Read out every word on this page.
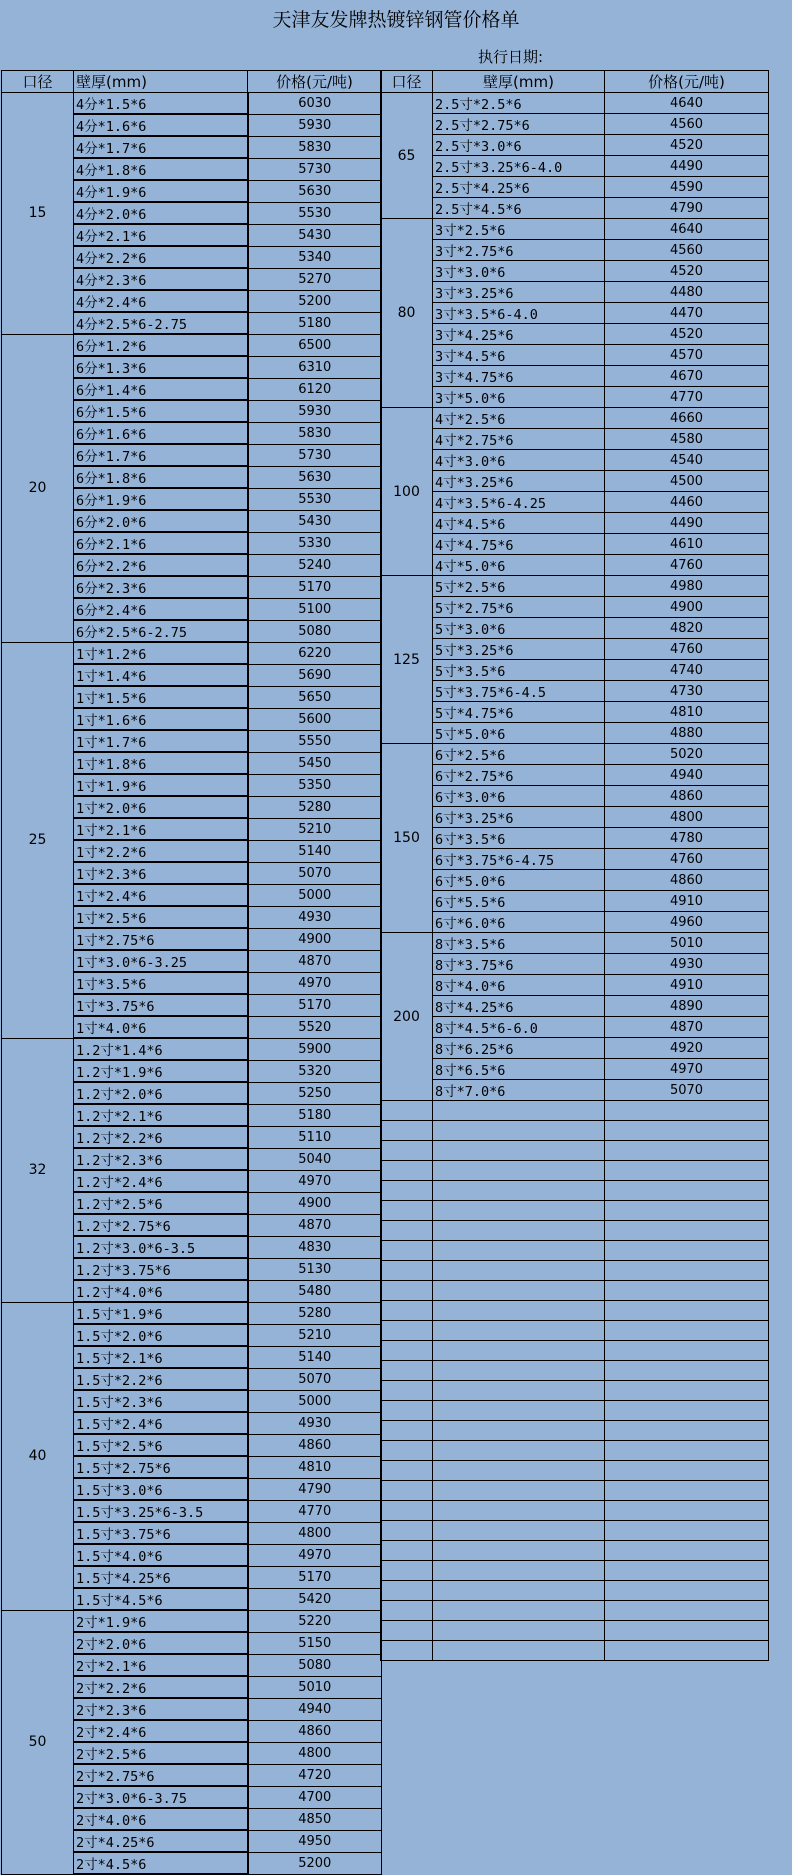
天津友发牌热镀锌钢管价格单
执行日期:
口径	壁厚(mm)	价格(元/吨)
15	4分*1.5*6	6030
	4分*1.6*6	5930
	4分*1.7*6	5830
	4分*1.8*6	5730
	4分*1.9*6	5630
	4分*2.0*6	5530
	4分*2.1*6	5430
	4分*2.2*6	5340
	4分*2.3*6	5270
	4分*2.4*6	5200
	4分*2.5*6-2.75	5180
20	6分*1.2*6	6500
	6分*1.3*6	6310
	6分*1.4*6	6120
	6分*1.5*6	5930
	6分*1.6*6	5830
	6分*1.7*6	5730
	6分*1.8*6	5630
	6分*1.9*6	5530
	6分*2.0*6	5430
	6分*2.1*6	5330
	6分*2.2*6	5240
	6分*2.3*6	5170
	6分*2.4*6	5100
	6分*2.5*6-2.75	5080
25	1寸*1.2*6	6220
	1寸*1.4*6	5690
	1寸*1.5*6	5650
	1寸*1.6*6	5600
	1寸*1.7*6	5550
	1寸*1.8*6	5450
	1寸*1.9*6	5350
	1寸*2.0*6	5280
	1寸*2.1*6	5210
	1寸*2.2*6	5140
	1寸*2.3*6	5070
	1寸*2.4*6	5000
	1寸*2.5*6	4930
	1寸*2.75*6	4900
	1寸*3.0*6-3.25	4870
	1寸*3.5*6	4970
	1寸*3.75*6	5170
	1寸*4.0*6	5520
32	1.2寸*1.4*6	5900
	1.2寸*1.9*6	5320
	1.2寸*2.0*6	5250
	1.2寸*2.1*6	5180
	1.2寸*2.2*6	5110
	1.2寸*2.3*6	5040
	1.2寸*2.4*6	4970
	1.2寸*2.5*6	4900
	1.2寸*2.75*6	4870
	1.2寸*3.0*6-3.5	4830
	1.2寸*3.75*6	5130
	1.2寸*4.0*6	5480
40	1.5寸*1.9*6	5280
	1.5寸*2.0*6	5210
	1.5寸*2.1*6	5140
	1.5寸*2.2*6	5070
	1.5寸*2.3*6	5000
	1.5寸*2.4*6	4930
	1.5寸*2.5*6	4860
	1.5寸*2.75*6	4810
	1.5寸*3.0*6	4790
	1.5寸*3.25*6-3.5	4770
	1.5寸*3.75*6	4800
	1.5寸*4.0*6	4970
	1.5寸*4.25*6	5170
	1.5寸*4.5*6	5420
50	2寸*1.9*6	5220
	2寸*2.0*6	5150
	2寸*2.1*6	5080
	2寸*2.2*6	5010
	2寸*2.3*6	4940
	2寸*2.4*6	4860
	2寸*2.5*6	4800
	2寸*2.75*6	4720
	2寸*3.0*6-3.75	4700
	2寸*4.0*6	4850
	2寸*4.25*6	4950
	2寸*4.5*6	5200
口径	壁厚(mm)	价格(元/吨)
65	2.5寸*2.5*6	4640
	2.5寸*2.75*6	4560
	2.5寸*3.0*6	4520
	2.5寸*3.25*6-4.0	4490
	2.5寸*4.25*6	4590
	2.5寸*4.5*6	4790
80	3寸*2.5*6	4640
	3寸*2.75*6	4560
	3寸*3.0*6	4520
	3寸*3.25*6	4480
	3寸*3.5*6-4.0	4470
	3寸*4.25*6	4520
	3寸*4.5*6	4570
	3寸*4.75*6	4670
	3寸*5.0*6	4770
100	4寸*2.5*6	4660
	4寸*2.75*6	4580
	4寸*3.0*6	4540
	4寸*3.25*6	4500
	4寸*3.5*6-4.25	4460
	4寸*4.5*6	4490
	4寸*4.75*6	4610
	4寸*5.0*6	4760
125	5寸*2.5*6	4980
	5寸*2.75*6	4900
	5寸*3.0*6	4820
	5寸*3.25*6	4760
	5寸*3.5*6	4740
	5寸*3.75*6-4.5	4730
	5寸*4.75*6	4810
	5寸*5.0*6	4880
150	6寸*2.5*6	5020
	6寸*2.75*6	4940
	6寸*3.0*6	4860
	6寸*3.25*6	4800
	6寸*3.5*6	4780
	6寸*3.75*6-4.75	4760
	6寸*5.0*6	4860
	6寸*5.5*6	4910
	6寸*6.0*6	4960
200	8寸*3.5*6	5010
	8寸*3.75*6	4930
	8寸*4.0*6	4910
	8寸*4.25*6	4890
	8寸*4.5*6-6.0	4870
	8寸*6.25*6	4920
	8寸*6.5*6	4970
	8寸*7.0*6	5070
